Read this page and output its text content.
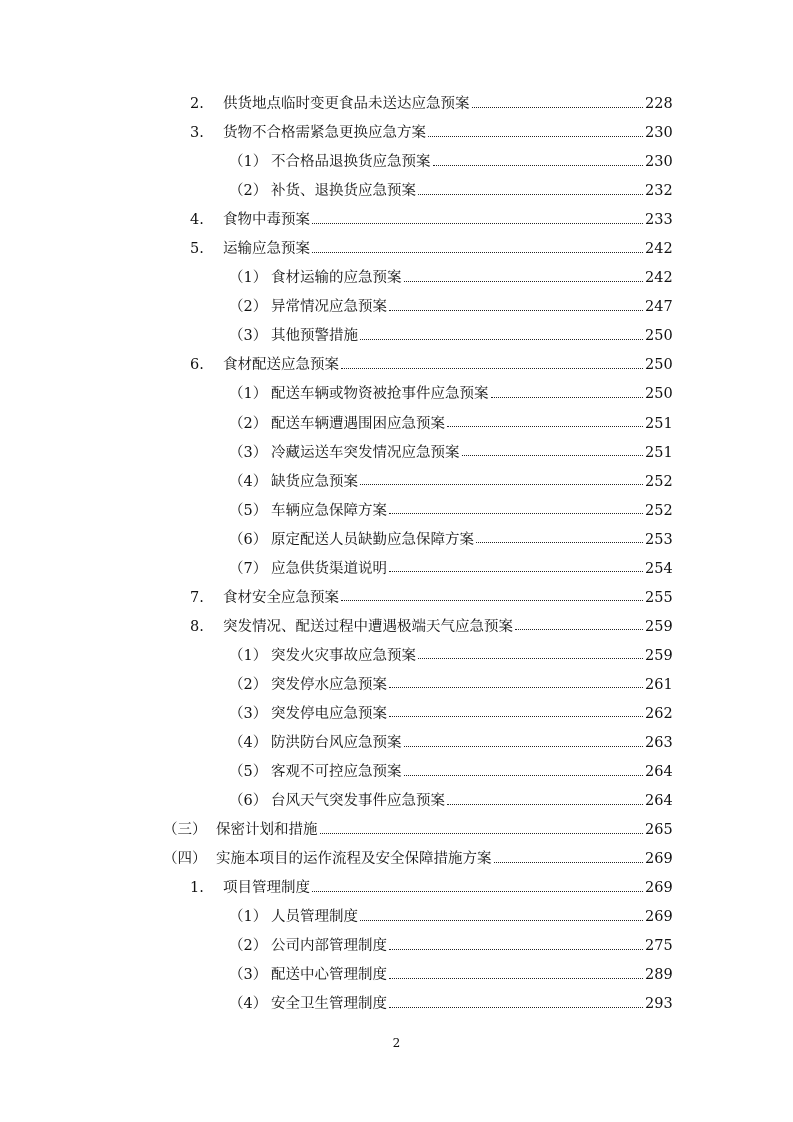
2. 供货地点临时变更食品未送达应急预案	228
3. 货物不合格需紧急更换应急方案	230
（1） 不合格品退换货应急预案	230
（2） 补货、退换货应急预案	232
4. 食物中毒预案	233
5. 运输应急预案	242
（1） 食材运输的应急预案	242
（2） 异常情况应急预案	247
（3） 其他预警措施	250
6. 食材配送应急预案	250
（1） 配送车辆或物资被抢事件应急预案	250
（2） 配送车辆遭遇围困应急预案	251
（3） 冷藏运送车突发情况应急预案	251
（4） 缺货应急预案	252
（5） 车辆应急保障方案	252
（6） 原定配送人员缺勤应急保障方案	253
（7） 应急供货渠道说明	254
7. 食材安全应急预案	255
8. 突发情况、配送过程中遭遇极端天气应急预案	259
（1） 突发火灾事故应急预案	259
（2） 突发停水应急预案	261
（3） 突发停电应急预案	262
（4） 防洪防台风应急预案	263
（5） 客观不可控应急预案	264
（6） 台风天气突发事件应急预案	264
（三） 保密计划和措施	265
（四） 实施本项目的运作流程及安全保障措施方案	269
1. 项目管理制度	269
（1） 人员管理制度	269
（2） 公司内部管理制度	275
（3） 配送中心管理制度	289
（4） 安全卫生管理制度	293
2
